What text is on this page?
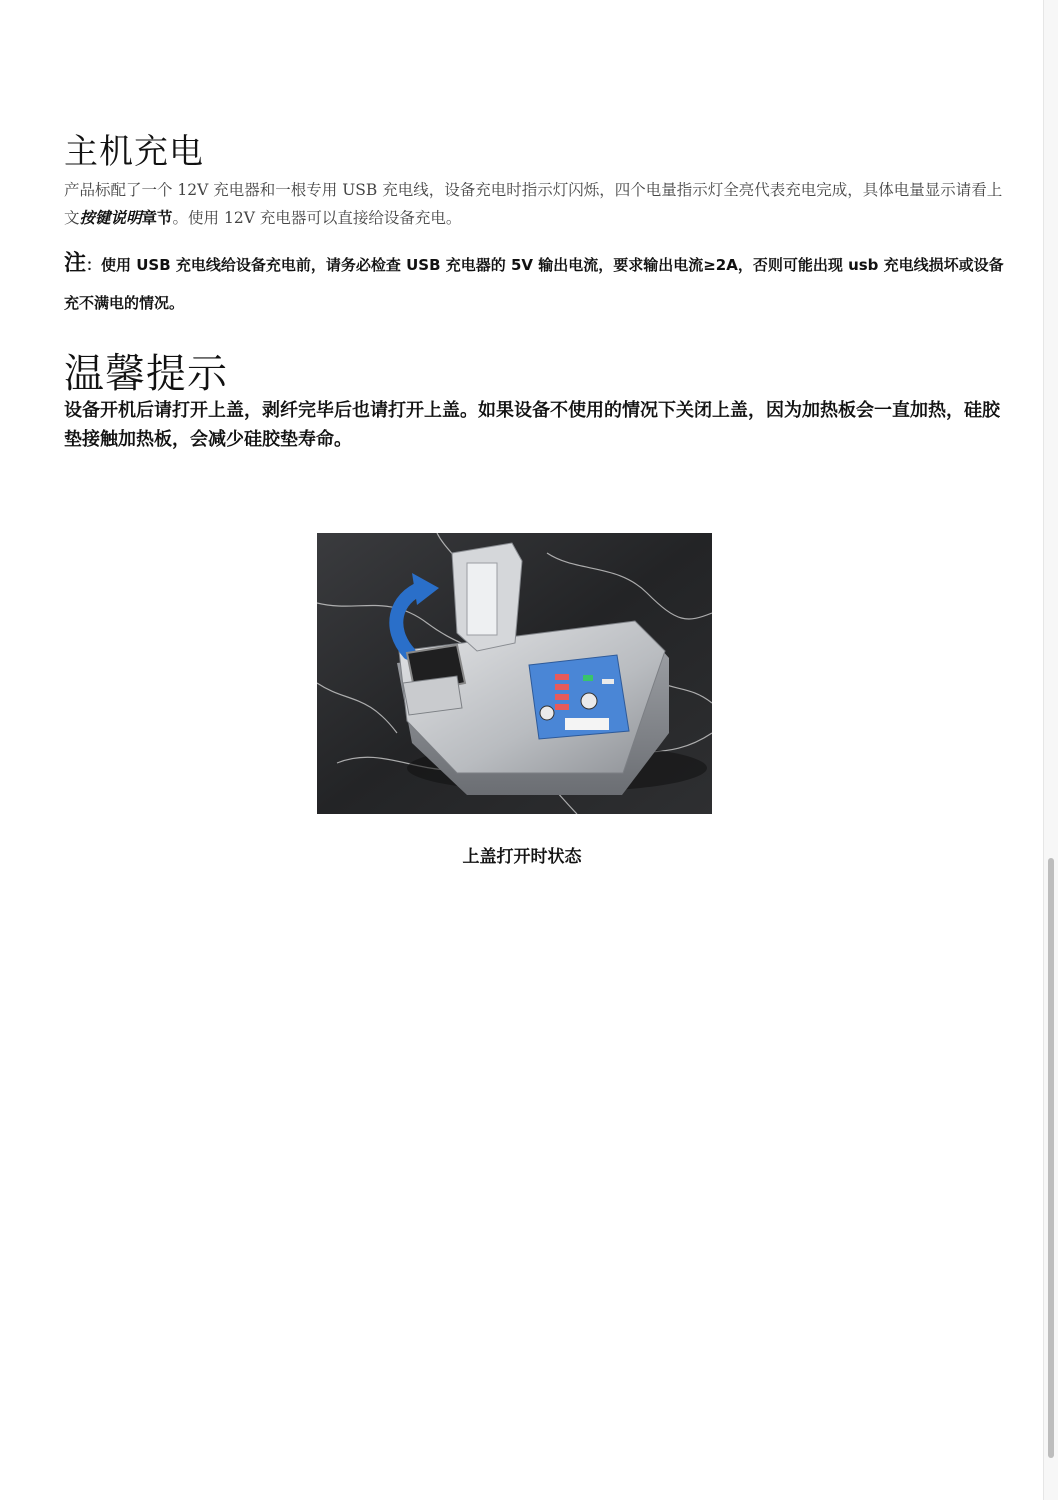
主机充电

产品标配了一个 12V 充电器和一根专用 USB 充电线，设备充电时指示灯闪烁，四个电量指示灯全亮代表充电完成，具体电量显示请看上文按键说明章节。使用 12V 充电器可以直接给设备充电。

注：使用 USB 充电线给设备充电前，请务必检查 USB 充电器的 5V 输出电流，要求输出电流≥2A，否则可能出现 usb 充电线损坏或设备充不满电的情况。

温馨提示

设备开机后请打开上盖，剥纤完毕后也请打开上盖。如果设备不使用的情况下关闭上盖，因为加热板会一直加热，硅胶垫接触加热板，会减少硅胶垫寿命。

上盖打开时状态
